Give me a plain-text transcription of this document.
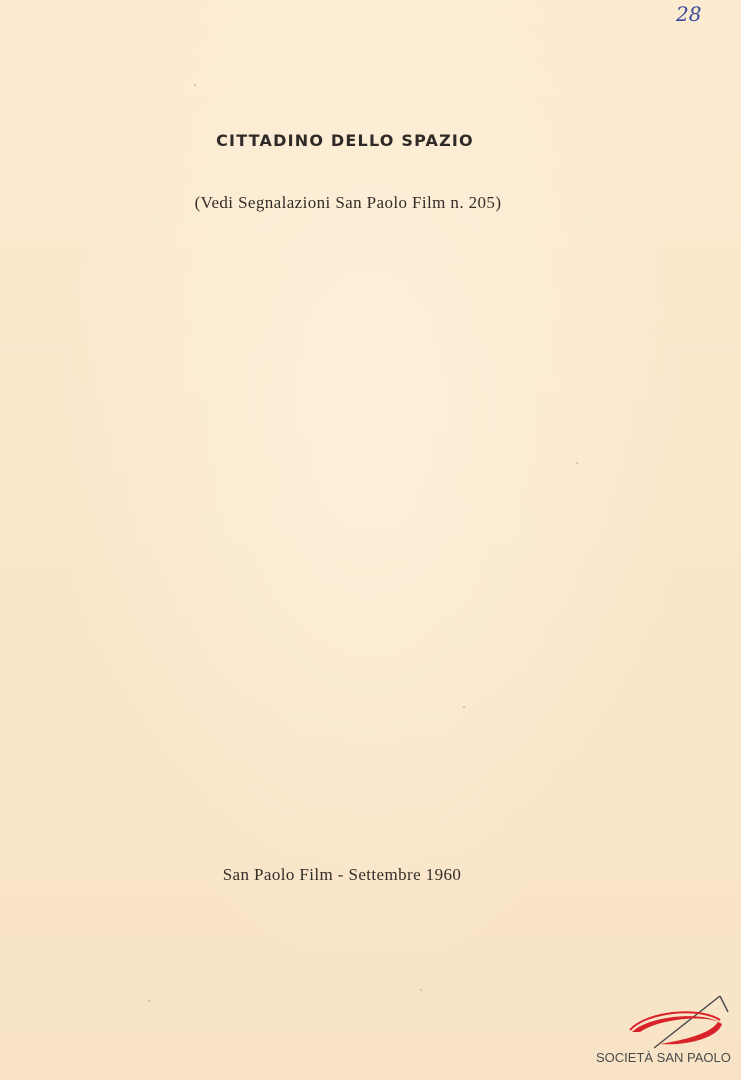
28
CITTADINO DELLO SPAZIO
(Vedi Segnalazioni San Paolo Film n. 205)
San Paolo Film - Settembre 1960
SOCIETÀ SAN PAOLO
